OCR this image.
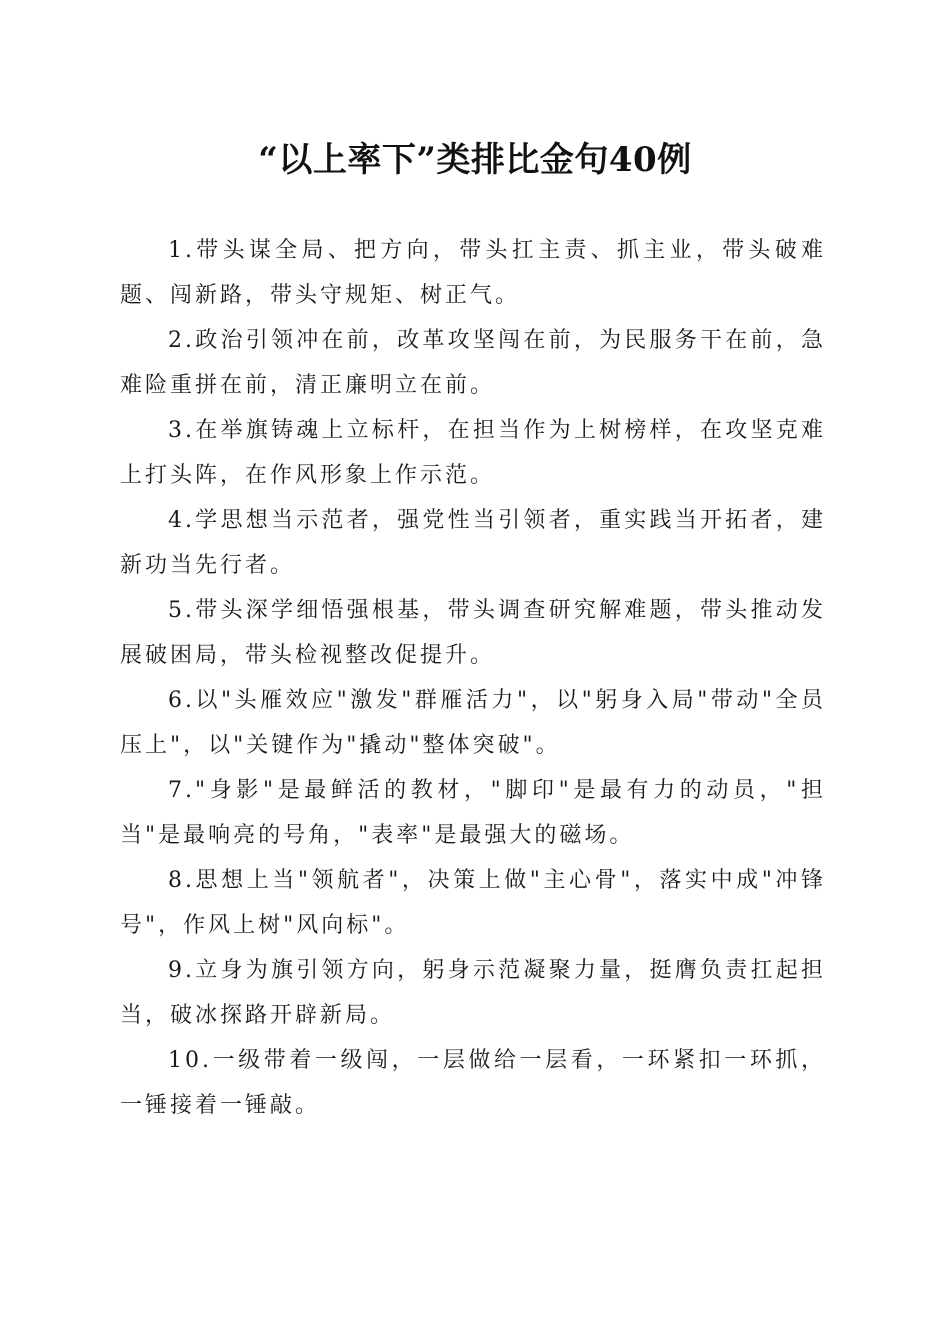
“以上率下”类排比金句40例

1.带头谋全局、把方向，带头扛主责、抓主业，带头破难题、闯新路，带头守规矩、树正气。

2.政治引领冲在前，改革攻坚闯在前，为民服务干在前，急难险重拼在前，清正廉明立在前。

3.在举旗铸魂上立标杆，在担当作为上树榜样，在攻坚克难上打头阵，在作风形象上作示范。

4.学思想当示范者，强党性当引领者，重实践当开拓者，建新功当先行者。

5.带头深学细悟强根基，带头调查研究解难题，带头推动发展破困局，带头检视整改促提升。

6.以"头雁效应"激发"群雁活力"，以"躬身入局"带动"全员压上"，以"关键作为"撬动"整体突破"。

7."身影"是最鲜活的教材，"脚印"是最有力的动员，"担当"是最响亮的号角，"表率"是最强大的磁场。

8.思想上当"领航者"，决策上做"主心骨"，落实中成"冲锋号"，作风上树"风向标"。

9.立身为旗引领方向，躬身示范凝聚力量，挺膺负责扛起担当，破冰探路开辟新局。

10.一级带着一级闯，一层做给一层看，一环紧扣一环抓，一锤接着一锤敲。
